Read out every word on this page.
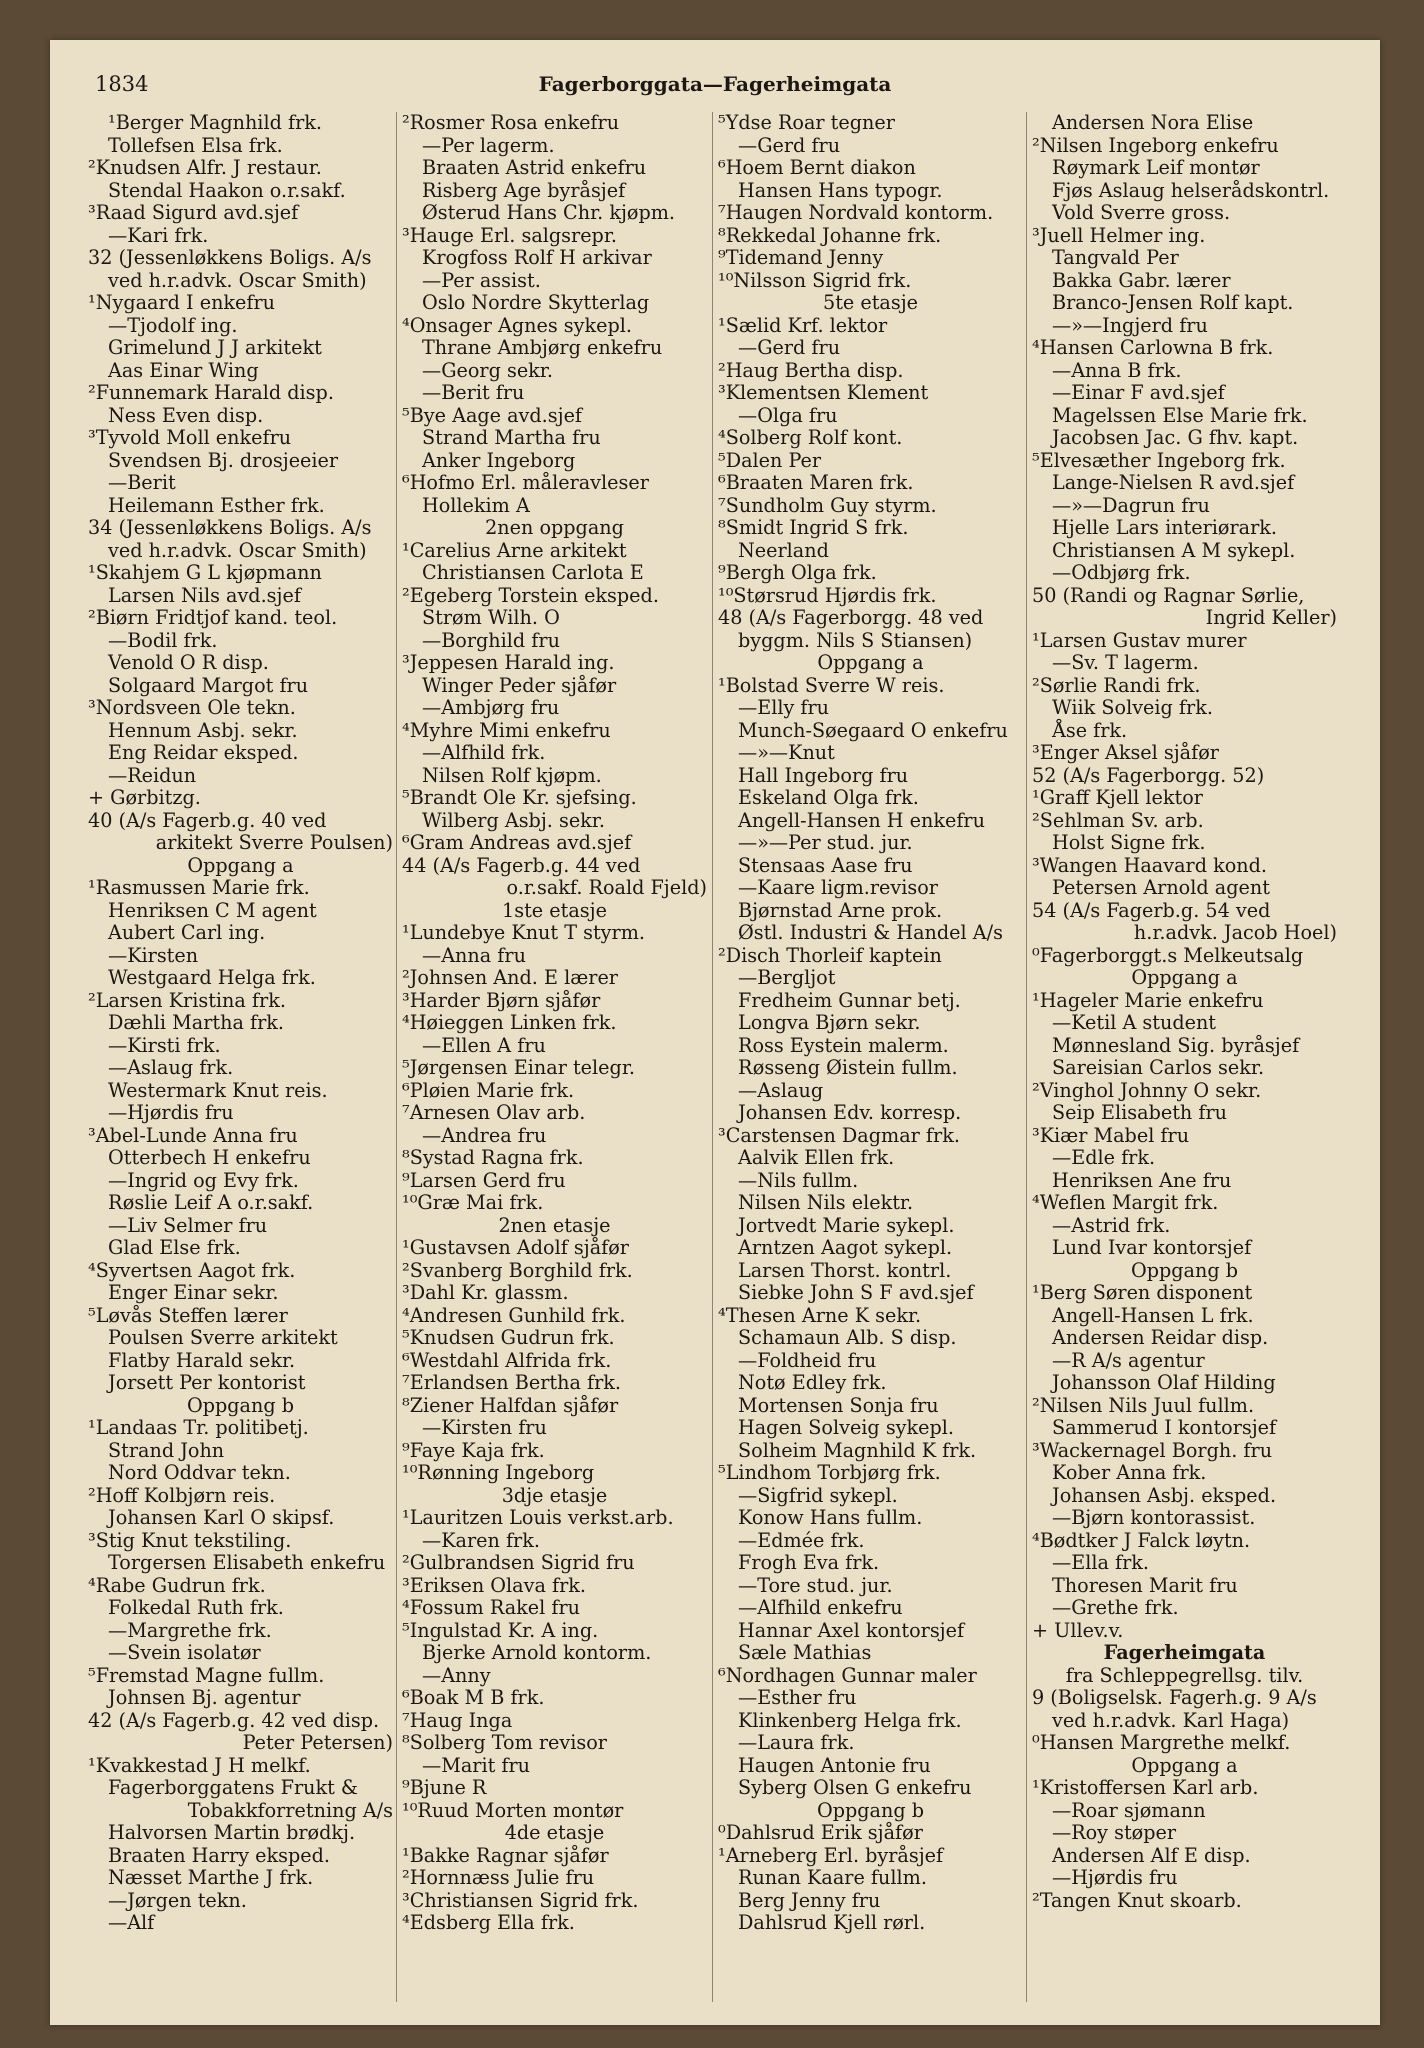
1834	Fagerborggata—Fagerheimgata
¹Berger Magnhild frk.
Tollefsen Elsa frk.
²Knudsen Alfr. J restaur.
Stendal Haakon o.r.sakf.
³Raad Sigurd avd.sjef
—Kari frk.
32 (Jessenløkkens Boligs. A/s
ved h.r.advk. Oscar Smith)
¹Nygaard I enkefru
—Tjodolf ing.
Grimelund J J arkitekt
Aas Einar Wing
²Funnemark Harald disp.
Ness Even disp.
³Tyvold Moll enkefru
Svendsen Bj. drosjeeier
—Berit
Heilemann Esther frk.
34 (Jessenløkkens Boligs. A/s
ved h.r.advk. Oscar Smith)
¹Skahjem G L kjøpmann
Larsen Nils avd.sjef
²Biørn Fridtjof kand. teol.
—Bodil frk.
Venold O R disp.
Solgaard Margot fru
³Nordsveen Ole tekn.
Hennum Asbj. sekr.
Eng Reidar eksped.
—Reidun
+ Gørbitzg.
40 (A/s Fagerb.g. 40 ved
arkitekt Sverre Poulsen)
Oppgang a
¹Rasmussen Marie frk.
Henriksen C M agent
Aubert Carl ing.
—Kirsten
Westgaard Helga frk.
²Larsen Kristina frk.
Dæhli Martha frk.
—Kirsti frk.
—Aslaug frk.
Westermark Knut reis.
—Hjørdis fru
³Abel-Lunde Anna fru
Otterbech H enkefru
—Ingrid og Evy frk.
Røslie Leif A o.r.sakf.
—Liv Selmer fru
Glad Else frk.
⁴Syvertsen Aagot frk.
Enger Einar sekr.
⁵Løvås Steffen lærer
Poulsen Sverre arkitekt
Flatby Harald sekr.
Jorsett Per kontorist
Oppgang b
¹Landaas Tr. politibetj.
Strand John
Nord Oddvar tekn.
²Hoff Kolbjørn reis.
Johansen Karl O skipsf.
³Stig Knut tekstiling.
Torgersen Elisabeth enkefru
⁴Rabe Gudrun frk.
Folkedal Ruth frk.
—Margrethe frk.
—Svein isolatør
⁵Fremstad Magne fullm.
Johnsen Bj. agentur
42 (A/s Fagerb.g. 42 ved disp.
Peter Petersen)
¹Kvakkestad J H melkf.
Fagerborggatens Frukt &
Tobakkforretning A/s
Halvorsen Martin brødkj.
Braaten Harry eksped.
Næsset Marthe J frk.
—Jørgen tekn.
—Alf
²Rosmer Rosa enkefru
—Per lagerm.
Braaten Astrid enkefru
Risberg Age byråsjef
Østerud Hans Chr. kjøpm.
³Hauge Erl. salgsrepr.
Krogfoss Rolf H arkivar
—Per assist.
Oslo Nordre Skytterlag
⁴Onsager Agnes sykepl.
Thrane Ambjørg enkefru
—Georg sekr.
—Berit fru
⁵Bye Aage avd.sjef
Strand Martha fru
Anker Ingeborg
⁶Hofmo Erl. måleravleser
Hollekim A
2nen oppgang
¹Carelius Arne arkitekt
Christiansen Carlota E
²Egeberg Torstein eksped.
Strøm Wilh. O
—Borghild fru
³Jeppesen Harald ing.
Winger Peder sjåfør
—Ambjørg fru
⁴Myhre Mimi enkefru
—Alfhild frk.
Nilsen Rolf kjøpm.
⁵Brandt Ole Kr. sjefsing.
Wilberg Asbj. sekr.
⁶Gram Andreas avd.sjef
44 (A/s Fagerb.g. 44 ved
o.r.sakf. Roald Fjeld)
1ste etasje
¹Lundebye Knut T styrm.
—Anna fru
²Johnsen And. E lærer
³Harder Bjørn sjåfør
⁴Høieggen Linken frk.
—Ellen A fru
⁵Jørgensen Einar telegr.
⁶Pløien Marie frk.
⁷Arnesen Olav arb.
—Andrea fru
⁸Systad Ragna frk.
⁹Larsen Gerd fru
¹⁰Græ Mai frk.
2nen etasje
¹Gustavsen Adolf sjåfør
²Svanberg Borghild frk.
³Dahl Kr. glassm.
⁴Andresen Gunhild frk.
⁵Knudsen Gudrun frk.
⁶Westdahl Alfrida frk.
⁷Erlandsen Bertha frk.
⁸Ziener Halfdan sjåfør
—Kirsten fru
⁹Faye Kaja frk.
¹⁰Rønning Ingeborg
3dje etasje
¹Lauritzen Louis verkst.arb.
—Karen frk.
²Gulbrandsen Sigrid fru
³Eriksen Olava frk.
⁴Fossum Rakel fru
⁵Ingulstad Kr. A ing.
Bjerke Arnold kontorm.
—Anny
⁶Boak M B frk.
⁷Haug Inga
⁸Solberg Tom revisor
—Marit fru
⁹Bjune R
¹⁰Ruud Morten montør
4de etasje
¹Bakke Ragnar sjåfør
²Hornnæss Julie fru
³Christiansen Sigrid frk.
⁴Edsberg Ella frk.
⁵Ydse Roar tegner
—Gerd fru
⁶Hoem Bernt diakon
Hansen Hans typogr.
⁷Haugen Nordvald kontorm.
⁸Rekkedal Johanne frk.
⁹Tidemand Jenny
¹⁰Nilsson Sigrid frk.
5te etasje
¹Sælid Krf. lektor
—Gerd fru
²Haug Bertha disp.
³Klementsen Klement
—Olga fru
⁴Solberg Rolf kont.
⁵Dalen Per
⁶Braaten Maren frk.
⁷Sundholm Guy styrm.
⁸Smidt Ingrid S frk.
Neerland
⁹Bergh Olga frk.
¹⁰Størsrud Hjørdis frk.
48 (A/s Fagerborgg. 48 ved
byggm. Nils S Stiansen)
Oppgang a
¹Bolstad Sverre W reis.
—Elly fru
Munch-Søegaard O enkefru
—»—Knut
Hall Ingeborg fru
Eskeland Olga frk.
Angell-Hansen H enkefru
—»—Per stud. jur.
Stensaas Aase fru
—Kaare ligm.revisor
Bjørnstad Arne prok.
Østl. Industri & Handel A/s
²Disch Thorleif kaptein
—Bergljot
Fredheim Gunnar betj.
Longva Bjørn sekr.
Ross Eystein malerm.
Røsseng Øistein fullm.
—Aslaug
Johansen Edv. korresp.
³Carstensen Dagmar frk.
Aalvik Ellen frk.
—Nils fullm.
Nilsen Nils elektr.
Jortvedt Marie sykepl.
Arntzen Aagot sykepl.
Larsen Thorst. kontrl.
Siebke John S F avd.sjef
⁴Thesen Arne K sekr.
Schamaun Alb. S disp.
—Foldheid fru
Notø Edley frk.
Mortensen Sonja fru
Hagen Solveig sykepl.
Solheim Magnhild K frk.
⁵Lindhom Torbjørg frk.
—Sigfrid sykepl.
Konow Hans fullm.
—Edmée frk.
Frogh Eva frk.
—Tore stud. jur.
—Alfhild enkefru
Hannar Axel kontorsjef
Sæle Mathias
⁶Nordhagen Gunnar maler
—Esther fru
Klinkenberg Helga frk.
—Laura frk.
Haugen Antonie fru
Syberg Olsen G enkefru
Oppgang b
⁰Dahlsrud Erik sjåfør
¹Arneberg Erl. byråsjef
Runan Kaare fullm.
Berg Jenny fru
Dahlsrud Kjell rørl.
Andersen Nora Elise
²Nilsen Ingeborg enkefru
Røymark Leif montør
Fjøs Aslaug helserådskontrl.
Vold Sverre gross.
³Juell Helmer ing.
Tangvald Per
Bakka Gabr. lærer
Branco-Jensen Rolf kapt.
—»—Ingjerd fru
⁴Hansen Carlowna B frk.
—Anna B frk.
—Einar F avd.sjef
Magelssen Else Marie frk.
Jacobsen Jac. G fhv. kapt.
⁵Elvesæther Ingeborg frk.
Lange-Nielsen R avd.sjef
—»—Dagrun fru
Hjelle Lars interiørark.
Christiansen A M sykepl.
—Odbjørg frk.
50 (Randi og Ragnar Sørlie,
Ingrid Keller)
¹Larsen Gustav murer
—Sv. T lagerm.
²Sørlie Randi frk.
Wiik Solveig frk.
Åse frk.
³Enger Aksel sjåfør
52 (A/s Fagerborgg. 52)
¹Graff Kjell lektor
²Sehlman Sv. arb.
Holst Signe frk.
³Wangen Haavard kond.
Petersen Arnold agent
54 (A/s Fagerb.g. 54 ved
h.r.advk. Jacob Hoel)
⁰Fagerborggt.s Melkeutsalg
Oppgang a
¹Hageler Marie enkefru
—Ketil A student
Mønnesland Sig. byråsjef
Sareisian Carlos sekr.
²Vinghol Johnny O sekr.
Seip Elisabeth fru
³Kiær Mabel fru
—Edle frk.
Henriksen Ane fru
⁴Weflen Margit frk.
—Astrid frk.
Lund Ivar kontorsjef
Oppgang b
¹Berg Søren disponent
Angell-Hansen L frk.
Andersen Reidar disp.
—R A/s agentur
Johansson Olaf Hilding
²Nilsen Nils Juul fullm.
Sammerud I kontorsjef
³Wackernagel Borgh. fru
Kober Anna frk.
Johansen Asbj. eksped.
—Bjørn kontorassist.
⁴Bødtker J Falck løytn.
—Ella frk.
Thoresen Marit fru
—Grethe frk.
+ Ullev.v.
Fagerheimgata
fra Schleppegrellsg. tilv.
9 (Boligselsk. Fagerh.g. 9 A/s
ved h.r.advk. Karl Haga)
⁰Hansen Margrethe melkf.
Oppgang a
¹Kristoffersen Karl arb.
—Roar sjømann
—Roy støper
Andersen Alf E disp.
—Hjørdis fru
²Tangen Knut skoarb.
